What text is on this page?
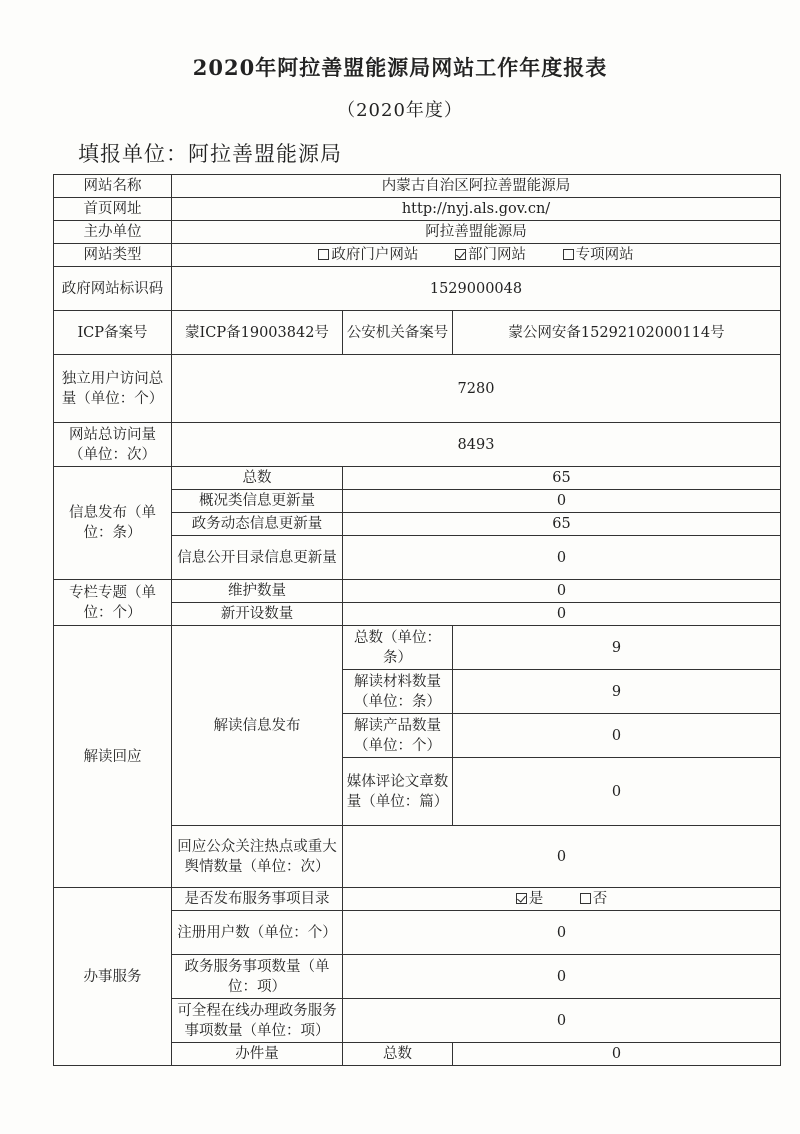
2020年阿拉善盟能源局网站工作年度报表
（2020年度）
填报单位：阿拉善盟能源局
网站名称	内蒙古自治区阿拉善盟能源局		
首页网址	http://nyj.als.gov.cn/		
主办单位	阿拉善盟能源局		
网站类型	政府门户网站 部门网站 专项网站		
政府网站标识码	1529000048		
ICP备案号	蒙ICP备19003842号	公安机关备案号	蒙公网安备15292102000114号
独立用户访问总量（单位：个）	7280		
网站总访问量（单位：次）	8493		
信息发布（单位：条）	总数	65	
	概况类信息更新量	0	
	政务动态信息更新量	65	
	信息公开目录信息更新量	0	
专栏专题（单位：个）	维护数量	0	
	新开设数量	0	
解读回应	解读信息发布	总数（单位：条）	9
		解读材料数量（单位：条）	9
		解读产品数量（单位：个）	0
		媒体评论文章数量（单位：篇）	0
	回应公众关注热点或重大舆情数量（单位：次）	0	
办事服务	是否发布服务事项目录	是 否	
	注册用户数（单位：个）	0	
	政务服务事项数量（单位：项）	0	
	可全程在线办理政务服务事项数量（单位：项）	0	
	办件量	总数	0
